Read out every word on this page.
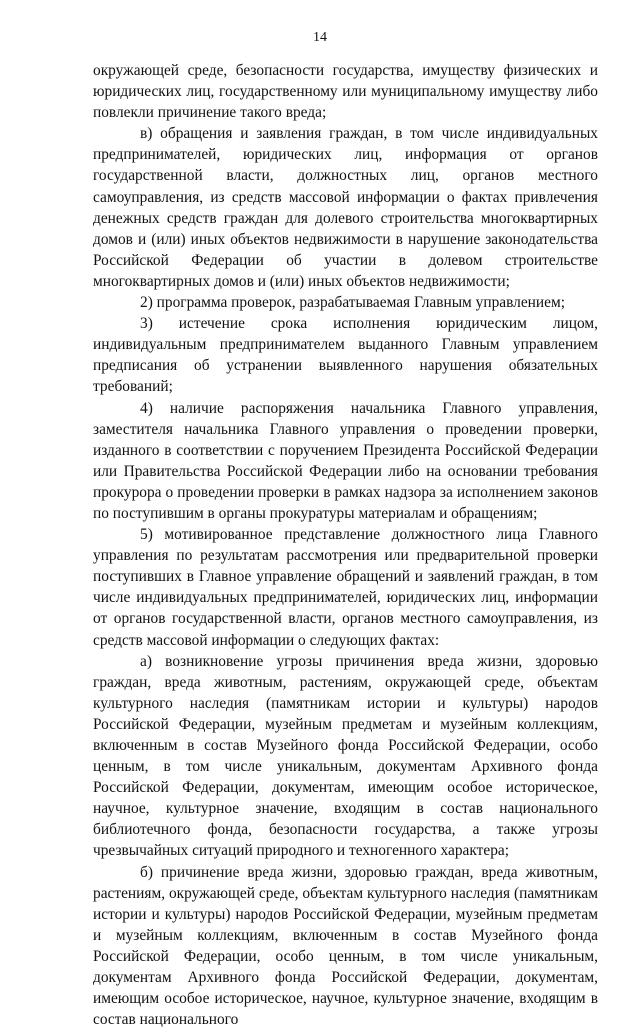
14

окружающей среде, безопасности государства, имуществу физических и юридических лиц, государственному или муниципальному имуществу либо повлекли причинение такого вреда;

в) обращения и заявления граждан, в том числе индивидуальных предпринимателей, юридических лиц, информация от органов государственной власти, должностных лиц, органов местного самоуправления, из средств массовой информации о фактах привлечения денежных средств граждан для долевого строительства многоквартирных домов и (или) иных объектов недвижимости в нарушение законодательства Российской Федерации об участии в долевом строительстве многоквартирных домов и (или) иных объектов недвижимости;

2) программа проверок, разрабатываемая Главным управлением;

3) истечение срока исполнения юридическим лицом, индивидуальным предпринимателем выданного Главным управлением предписания об устранении выявленного нарушения обязательных требований;

4) наличие распоряжения начальника Главного управления, заместителя начальника Главного управления о проведении проверки, изданного в соответствии с поручением Президента Российской Федерации или Правительства Российской Федерации либо на основании требования прокурора о проведении проверки в рамках надзора за исполнением законов по поступившим в органы прокуратуры материалам и обращениям;

5) мотивированное представление должностного лица Главного управления по результатам рассмотрения или предварительной проверки поступивших в Главное управление обращений и заявлений граждан, в том числе индивидуальных предпринимателей, юридических лиц, информации от органов государственной власти, органов местного самоуправления, из средств массовой информации о следующих фактах:

а) возникновение угрозы причинения вреда жизни, здоровью граждан, вреда животным, растениям, окружающей среде, объектам культурного наследия (памятникам истории и культуры) народов Российской Федерации, музейным предметам и музейным коллекциям, включенным в состав Музейного фонда Российской Федерации, особо ценным, в том числе уникальным, документам Архивного фонда Российской Федерации, документам, имеющим особое историческое, научное, культурное значение, входящим в состав национального библиотечного фонда, безопасности государства, а также угрозы чрезвычайных ситуаций природного и техногенного характера;

б) причинение вреда жизни, здоровью граждан, вреда животным, растениям, окружающей среде, объектам культурного наследия (памятникам истории и культуры) народов Российской Федерации, музейным предметам и музейным коллекциям, включенным в состав Музейного фонда Российской Федерации, особо ценным, в том числе уникальным, документам Архивного фонда Российской Федерации, документам, имеющим особое историческое, научное, культурное значение, входящим в состав национального
